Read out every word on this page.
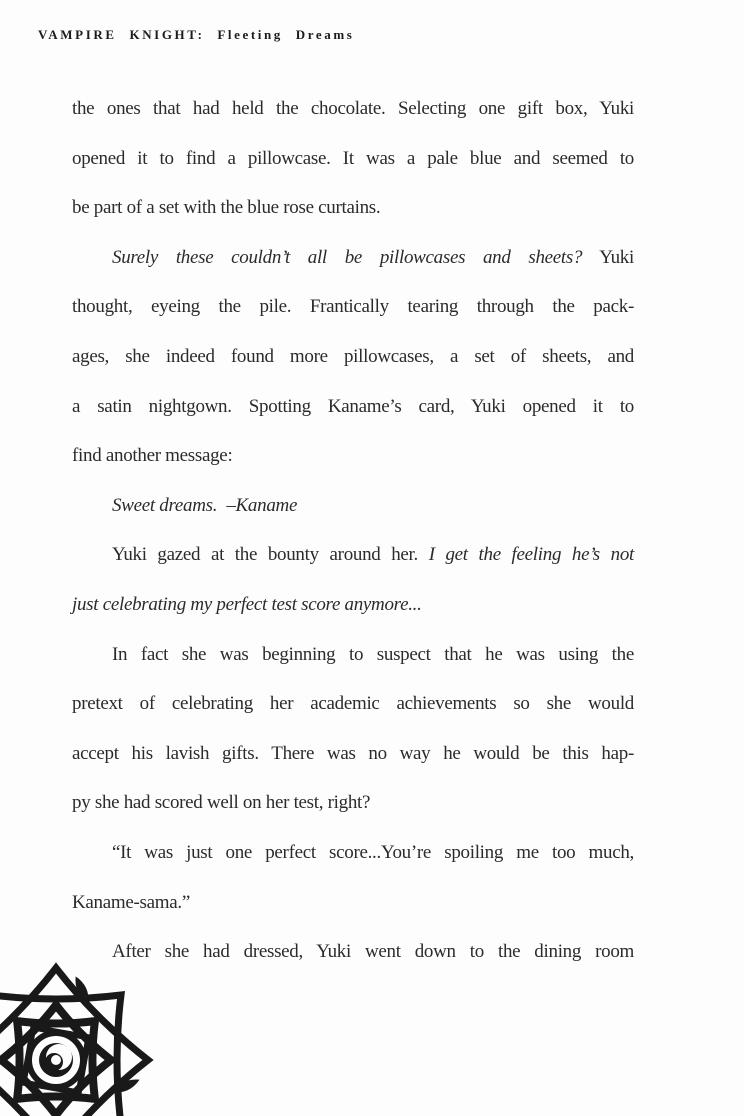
VAMPIRE KNIGHT: Fleeting Dreams
the ones that had held the chocolate. Selecting one gift box, Yuki
opened it to find a pillowcase. It was a pale blue and seemed to
be part of a set with the blue rose curtains.
Surely these couldn’t all be pillowcases and sheets? Yuki
thought, eyeing the pile. Frantically tearing through the pack-
ages, she indeed found more pillowcases, a set of sheets, and
a satin nightgown. Spotting Kaname’s card, Yuki opened it to
find another message:
Sweet dreams. –Kaname
Yuki gazed at the bounty around her. I get the feeling he’s not
just celebrating my perfect test score anymore...
In fact she was beginning to suspect that he was using the
pretext of celebrating her academic achievements so she would
accept his lavish gifts. There was no way he would be this hap-
py she had scored well on her test, right?
“It was just one perfect score...You’re spoiling me too much,
Kaname-sama.”
After she had dressed, Yuki went down to the dining room
